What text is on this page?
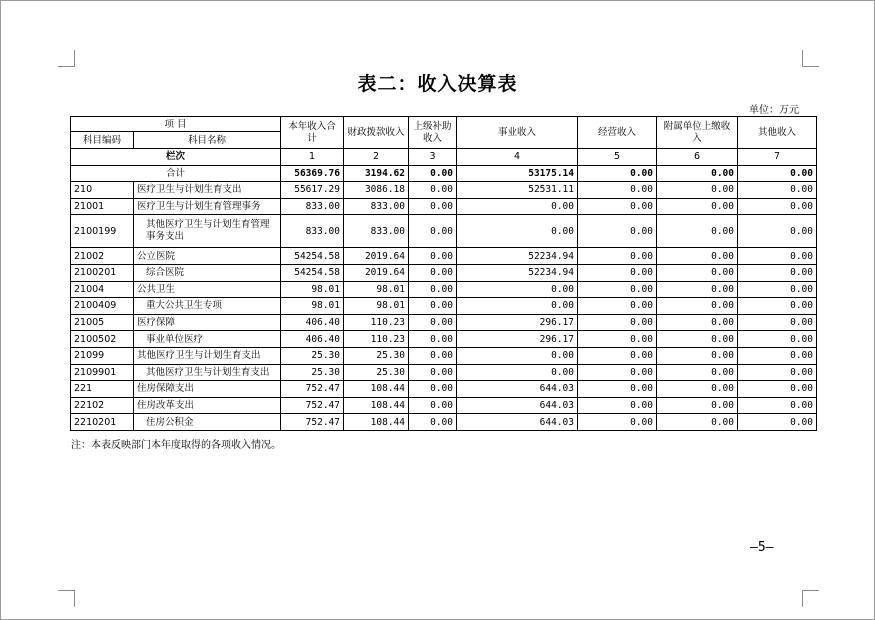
表二：收入决算表
单位：万元
项 目		本年收入合计	财政拨款收入	上级补助收入	事业收入	经营收入	附属单位上缴收入	其他收入
科目编码	科目名称							
栏次		1	2	3	4	5	6	7
合计		56369.76	3194.62	0.00	53175.14	0.00	0.00	0.00
210	医疗卫生与计划生育支出	55617.29	3086.18	0.00	52531.11	0.00	0.00	0.00
21001	医疗卫生与计划生育管理事务	833.00	833.00	0.00	0.00	0.00	0.00	0.00
2100199	其他医疗卫生与计划生育管理事务支出	833.00	833.00	0.00	0.00	0.00	0.00	0.00
21002	公立医院	54254.58	2019.64	0.00	52234.94	0.00	0.00	0.00
2100201	综合医院	54254.58	2019.64	0.00	52234.94	0.00	0.00	0.00
21004	公共卫生	98.01	98.01	0.00	0.00	0.00	0.00	0.00
2100409	重大公共卫生专项	98.01	98.01	0.00	0.00	0.00	0.00	0.00
21005	医疗保障	406.40	110.23	0.00	296.17	0.00	0.00	0.00
2100502	事业单位医疗	406.40	110.23	0.00	296.17	0.00	0.00	0.00
21099	其他医疗卫生与计划生育支出	25.30	25.30	0.00	0.00	0.00	0.00	0.00
2109901	其他医疗卫生与计划生育支出	25.30	25.30	0.00	0.00	0.00	0.00	0.00
221	住房保障支出	752.47	108.44	0.00	644.03	0.00	0.00	0.00
22102	住房改革支出	752.47	108.44	0.00	644.03	0.00	0.00	0.00
2210201	住房公积金	752.47	108.44	0.00	644.03	0.00	0.00	0.00
注：本表反映部门本年度取得的各项收入情况。
—5—
